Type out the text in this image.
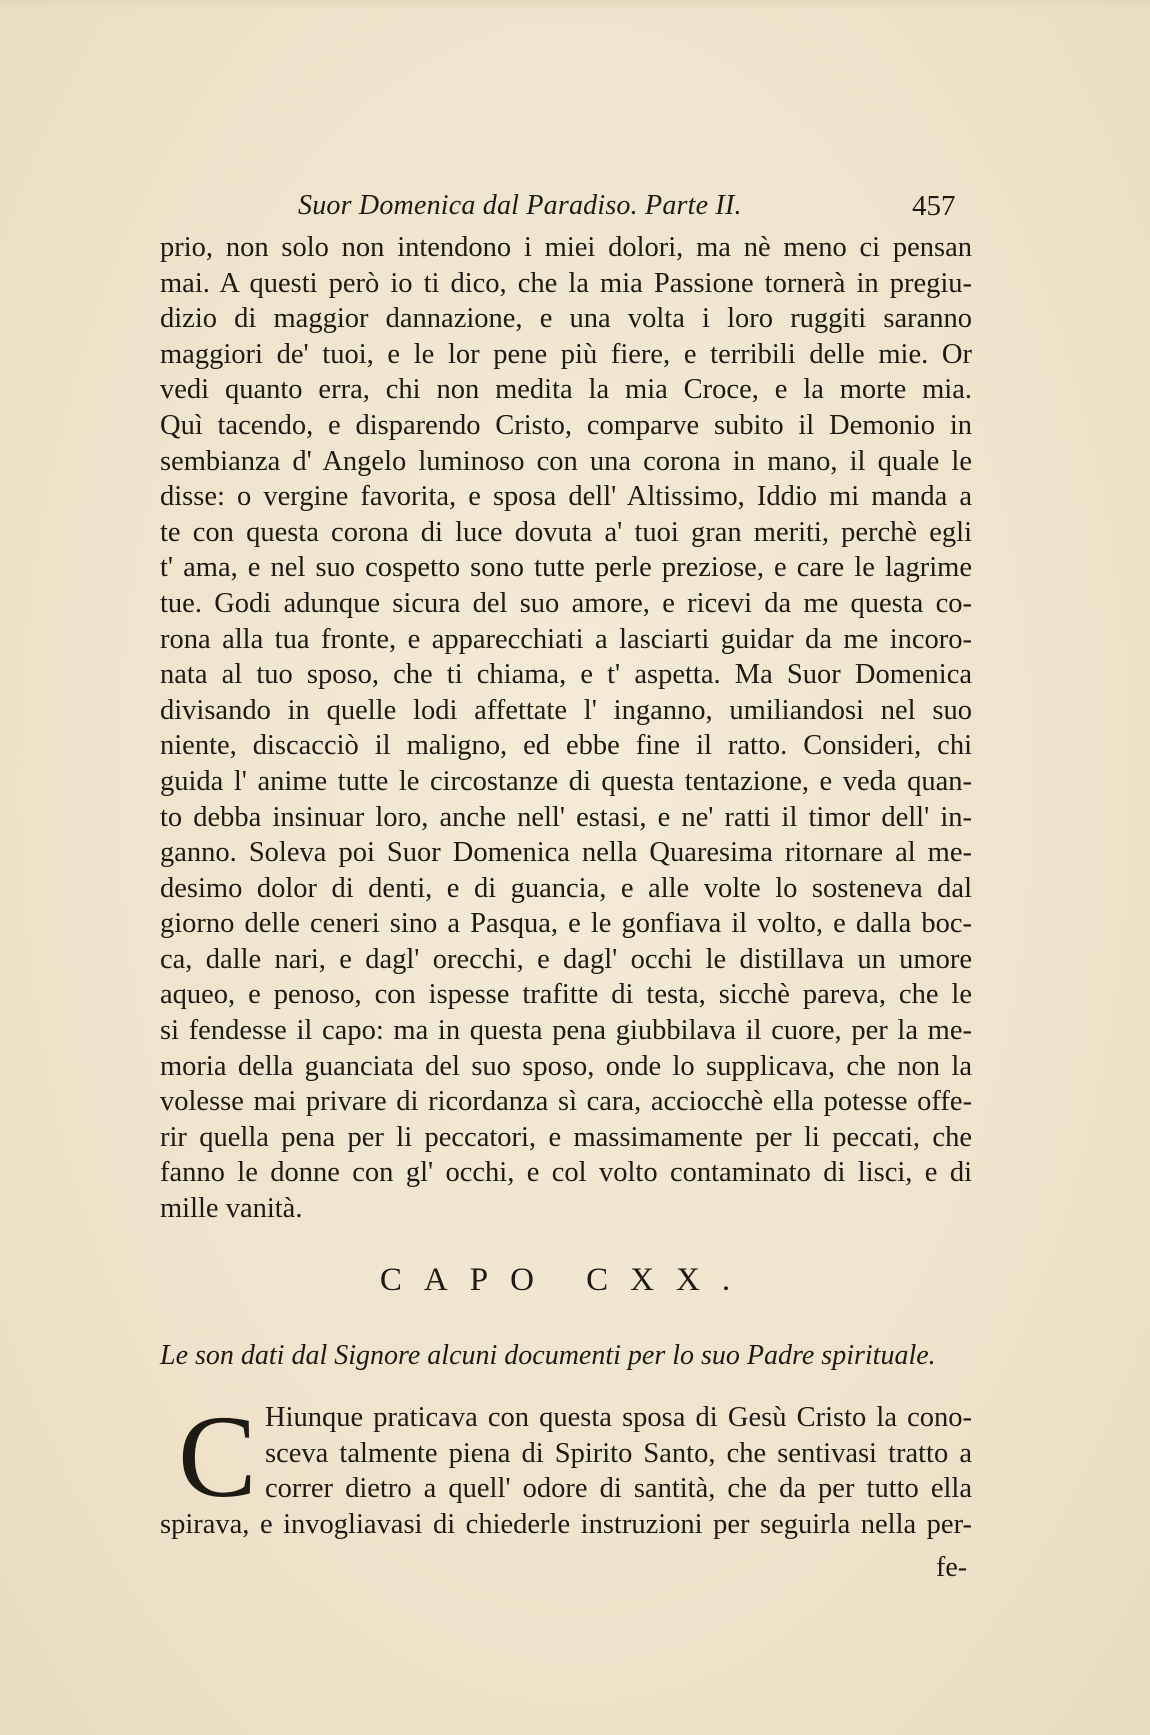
Suor Domenica dal Paradiso. Parte II.	457
prio, non solo non intendono i miei dolori, ma nè meno ci pensan
mai. A questi però io ti dico, che la mia Passione tornerà in pregiu-
dizio di maggior dannazione, e una volta i loro ruggiti saranno
maggiori de' tuoi, e le lor pene più fiere, e terribili delle mie. Or
vedi quanto erra, chi non medita la mia Croce, e la morte mia.
Quì tacendo, e disparendo Cristo, comparve subito il Demonio in
sembianza d' Angelo luminoso con una corona in mano, il quale le
disse: o vergine favorita, e sposa dell' Altissimo, Iddio mi manda a
te con questa corona di luce dovuta a' tuoi gran meriti, perchè egli
t' ama, e nel suo cospetto sono tutte perle preziose, e care le lagrime
tue. Godi adunque sicura del suo amore, e ricevi da me questa co-
rona alla tua fronte, e apparecchiati a lasciarti guidar da me incoro-
nata al tuo sposo, che ti chiama, e t' aspetta. Ma Suor Domenica
divisando in quelle lodi affettate l' inganno, umiliandosi nel suo
niente, discacciò il maligno, ed ebbe fine il ratto. Consideri, chi
guida l' anime tutte le circostanze di questa tentazione, e veda quan-
to debba insinuar loro, anche nell' estasi, e ne' ratti il timor dell' in-
ganno. Soleva poi Suor Domenica nella Quaresima ritornare al me-
desimo dolor di denti, e di guancia, e alle volte lo sosteneva dal
giorno delle ceneri sino a Pasqua, e le gonfiava il volto, e dalla boc-
ca, dalle nari, e dagl' orecchi, e dagl' occhi le distillava un umore
aqueo, e penoso, con ispesse trafitte di testa, sicchè pareva, che le
si fendesse il capo: ma in questa pena giubbilava il cuore, per la me-
moria della guanciata del suo sposo, onde lo supplicava, che non la
volesse mai privare di ricordanza sì cara, acciocchè ella potesse offe-
rir quella pena per li peccatori, e massimamente per li peccati, che
fanno le donne con gl' occhi, e col volto contaminato di lisci, e di
mille vanità.
CAPO CXX.
Le son dati dal Signore alcuni documenti per lo suo Padre spirituale.
C Hiunque praticava con questa sposa di Gesù Cristo la cono-
sceva talmente piena di Spirito Santo, che sentivasi tratto a
correr dietro a quell' odore di santità, che da per tutto ella
spirava, e invogliavasi di chiederle instruzioni per seguirla nella per-
fe-
